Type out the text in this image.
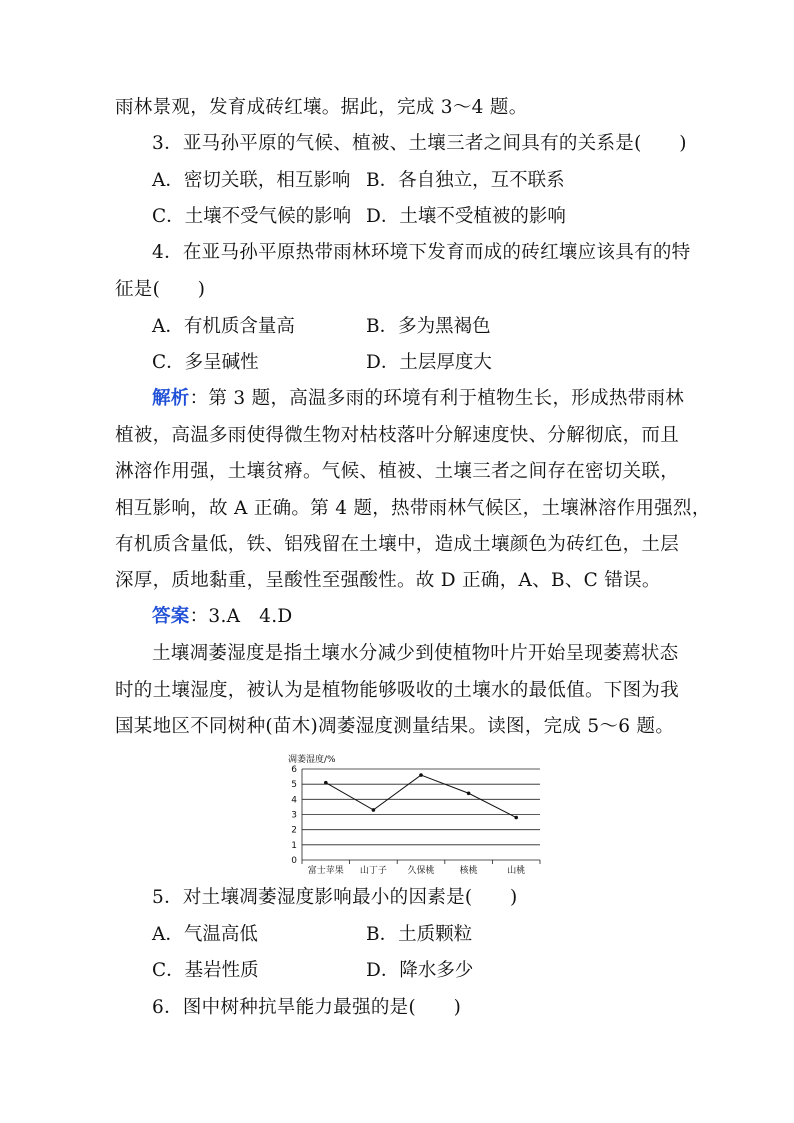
雨林景观，发育成砖红壤。据此，完成 3～4 题。
3．亚马孙平原的气候、植被、土壤三者之间具有的关系是(　　)
A．密切关联，相互影响 B．各自独立，互不联系
C．土壤不受气候的影响 D．土壤不受植被的影响
4．在亚马孙平原热带雨林环境下发育而成的砖红壤应该具有的特
征是(　　)
A．有机质含量高	B．多为黑褐色
C．多呈碱性	D．土层厚度大
解析：第 3 题，高温多雨的环境有利于植物生长，形成热带雨林
植被，高温多雨使得微生物对枯枝落叶分解速度快、分解彻底，而且
淋溶作用强，土壤贫瘠。气候、植被、土壤三者之间存在密切关联，
相互影响，故 A 正确。第 4 题，热带雨林气候区，土壤淋溶作用强烈，
有机质含量低，铁、铝残留在土壤中，造成土壤颜色为砖红色，土层
深厚，质地黏重，呈酸性至强酸性。故 D 正确，A、B、C 错误。
答案：3.A　4.D
土壤凋萎湿度是指土壤水分减少到使植物叶片开始呈现萎蔫状态
时的土壤湿度，被认为是植物能够吸收的土壤水的最低值。下图为我
国某地区不同树种(苗木)凋萎湿度测量结果。读图，完成 5～6 题。
凋萎湿度/%
0
1
2
3
4
5
6
富士苹果 山丁子 久保桃	核桃	山桃
5．对土壤凋萎湿度影响最小的因素是(　　)
A．气温高低	B．土质颗粒
C．基岩性质	D．降水多少
6．图中树种抗旱能力最强的是(　　)
